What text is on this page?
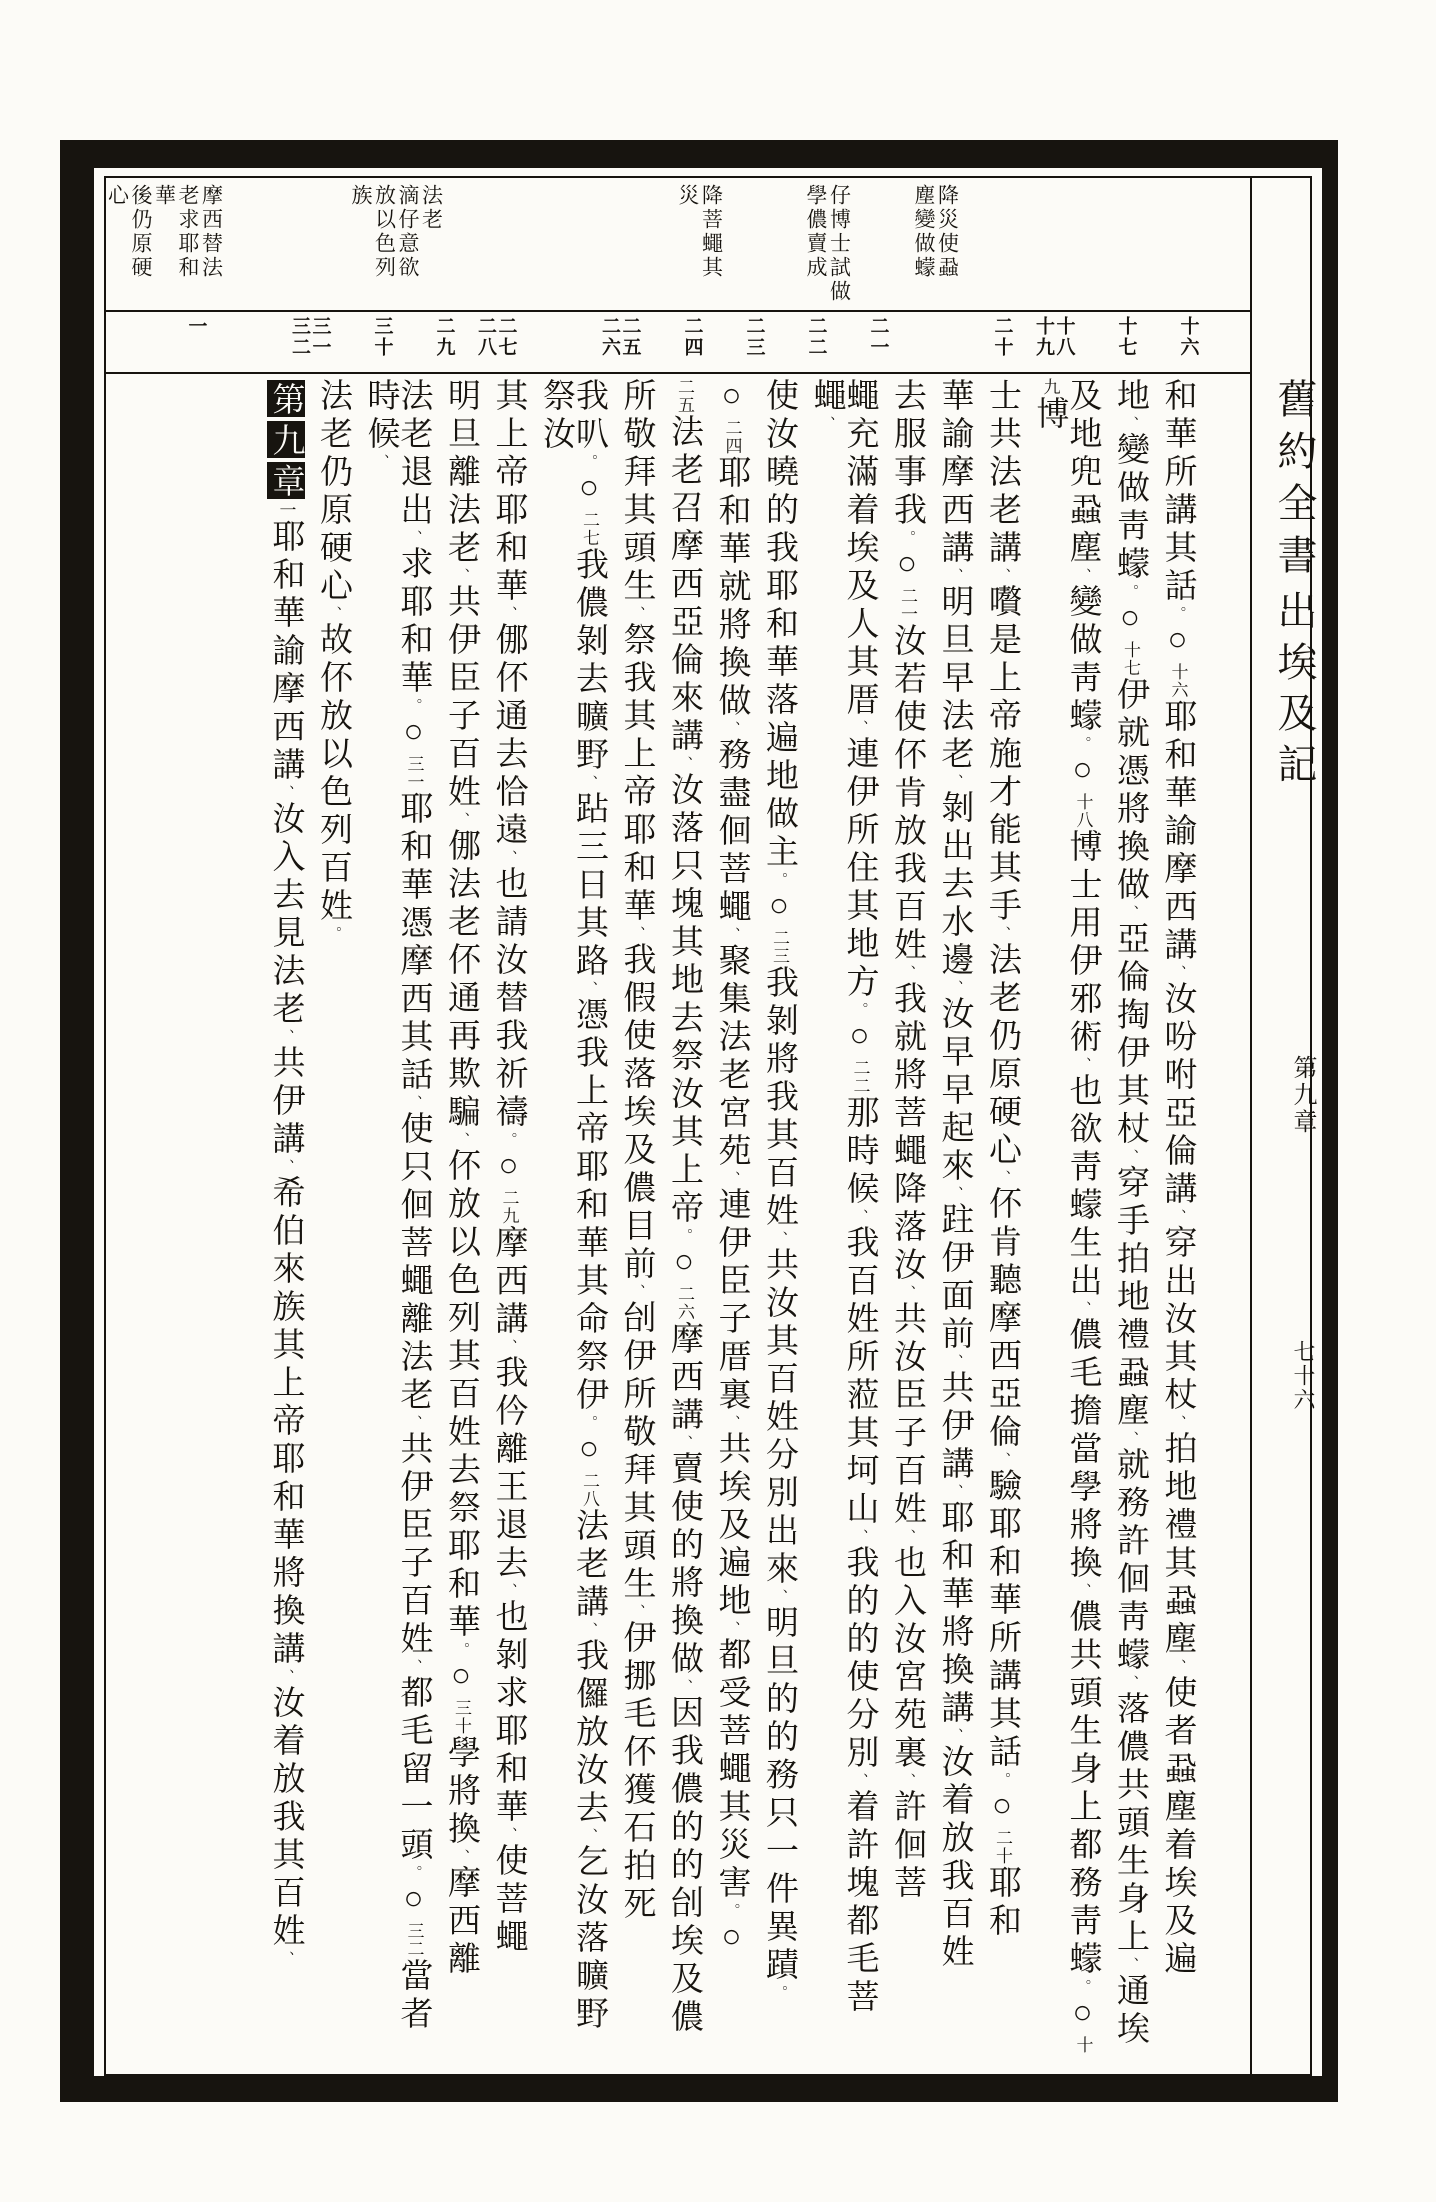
降災使蝨
塵變做蠓
仔博士試做
學儂賣成
降菩蠅其
災
法老
滴仔意欲
放以色列
族
摩西替法
老求耶和
華
後仍原硬
心
十六
十七
十八
十九
二十
二一
二二
二三
二四
二五
二六
二七
二八
二九
三十
三一
三二
一
和華所講其話。○十六耶和華諭摩西講、汝吩咐亞倫講、穿出汝其杖、拍地禮其蝨塵、使者蝨塵着埃及遍
地、變做靑蠓。○十七伊就憑將換做、亞倫掏伊其杖、穿手拍地禮蝨塵、就務許佪靑蠓、落儂共頭生身上、通埃
及地兜蝨塵、變做靑蠓。○十八博士用伊邪術、也欲靑蠓生出、儂毛擔當學將換、儂共頭生身上都務靑蠓。○十九博
士共法老講、嚽是上帝施才能其手、法老仍原硬心、伓肯聽摩西亞倫、驗耶和華所講其話。○二十耶和
華諭摩西講、明旦早法老、剝出去水邊、汝早早起來、跓伊面前、共伊講、耶和華將換講、汝着放我百姓
去服事我。○二一汝若使伓肯放我百姓、我就將菩蠅降落汝、共汝臣子百姓、也入汝宮苑裏、許佪菩
蠅充滿着埃及人其厝、連伊所住其地方。○二二那時候、我百姓所蒞其坷山、我的的使分別、着許塊都毛菩蠅、
使汝曉的我耶和華落遍地做主。○二三我剝將我其百姓、共汝其百姓分別出來、明旦的的務只一件異蹟。
○二四耶和華就將換做、務盡佪菩蠅、聚集法老宮苑、連伊臣子厝裏、共埃及遍地、都受菩蠅其災害。○
二五法老召摩西亞倫來講、汝落只塊其地去祭汝其上帝。○二六摩西講、賣使的將換做、因我儂的的刣埃及儂
所敬拜其頭生、祭我其上帝耶和華、我假使落埃及儂目前、刣伊所敬拜其頭生、伊挪毛伓獲石拍死
我叭。○二七我儂剝去曠野、跕三日其路、憑我上帝耶和華其命祭伊。○二八法老講、我儸放汝去、乞汝落曠野祭汝
其上帝耶和華、㑚伓通去恰遠、也請汝替我祈禱。○二九摩西講、我仱離王退去、也剝求耶和華、使菩蠅
明旦離法老、共伊臣子百姓、㑚法老伓通再欺騙、伓放以色列其百姓去祭耶和華。○三十學將換、摩西離
法老退出、求耶和華。○三一耶和華憑摩西其話、使只佪菩蠅離法老、共伊臣子百姓、都毛留一頭。○三二當者時候、
法老仍原硬心、故伓放以色列百姓。
第九章一耶和華諭摩西講、汝入去見法老、共伊講、希伯來族其上帝耶和華將換講、汝着放我其百姓、
舊約全書
出埃及記
第九章
七十六
